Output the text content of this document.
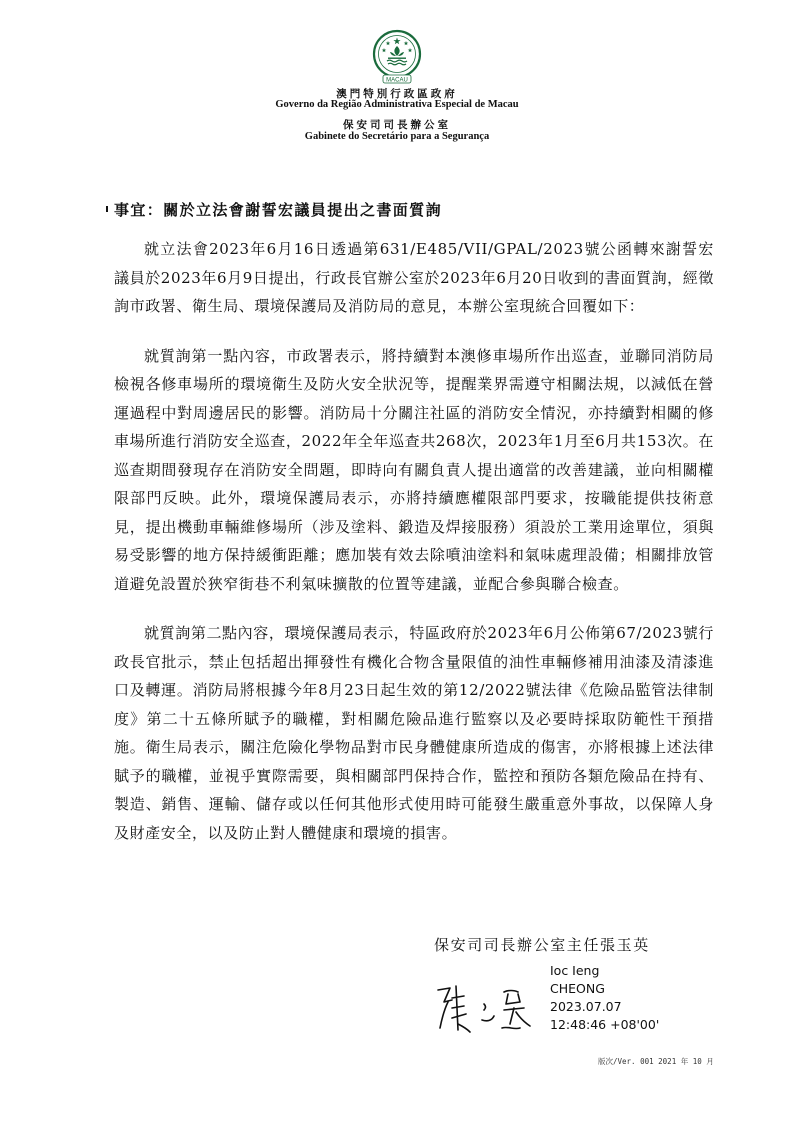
MACAU
澳門特別行政區政府
Governo da Região Administrativa Especial de Macau
保安司司長辦公室
Gabinete do Secretário para a Segurança
事宜：關於立法會謝誓宏議員提出之書面質詢

就立法會2023年6月16日透過第631/E485/VII/GPAL/2023號公函轉來謝誓宏議員於2023年6月9日提出，行政長官辦公室於2023年6月20日收到的書面質詢，經徵詢市政署、衛生局、環境保護局及消防局的意見，本辦公室現統合回覆如下：

就質詢第一點內容，市政署表示，將持續對本澳修車場所作出巡查，並聯同消防局檢視各修車場所的環境衛生及防火安全狀況等，提醒業界需遵守相關法規，以減低在營運過程中對周邊居民的影響。消防局十分關注社區的消防安全情況，亦持續對相關的修車場所進行消防安全巡查，2022年全年巡查共268次，2023年1月至6月共153次。在巡查期間發現存在消防安全問題，即時向有關負責人提出適當的改善建議，並向相關權限部門反映。此外，環境保護局表示，亦將持續應權限部門要求，按職能提供技術意見，提出機動車輛維修場所（涉及塗料、鍛造及焊接服務）須設於工業用途單位，須與易受影響的地方保持緩衝距離；應加裝有效去除噴油塗料和氣味處理設備；相關排放管道避免設置於狹窄街巷不利氣味擴散的位置等建議，並配合參與聯合檢查。

就質詢第二點內容，環境保護局表示，特區政府於2023年6月公佈第67/2023號行政長官批示，禁止包括超出揮發性有機化合物含量限值的油性車輛修補用油漆及清漆進口及轉運。消防局將根據今年8月23日起生效的第12/2022號法律《危險品監管法律制度》第二十五條所賦予的職權，對相關危險品進行監察以及必要時採取防範性干預措施。衛生局表示，關注危險化學物品對市民身體健康所造成的傷害，亦將根據上述法律賦予的職權，並視乎實際需要，與相關部門保持合作，監控和預防各類危險品在持有、製造、銷售、運輸、儲存或以任何其他形式使用時可能發生嚴重意外事故，以保障人身及財產安全，以及防止對人體健康和環境的損害。

保安司司長辦公室主任張玉英
Ioc Ieng
CHEONG
2023.07.07
12:48:46 +08'00'
版次/Ver. 001 2021 年 10 月
